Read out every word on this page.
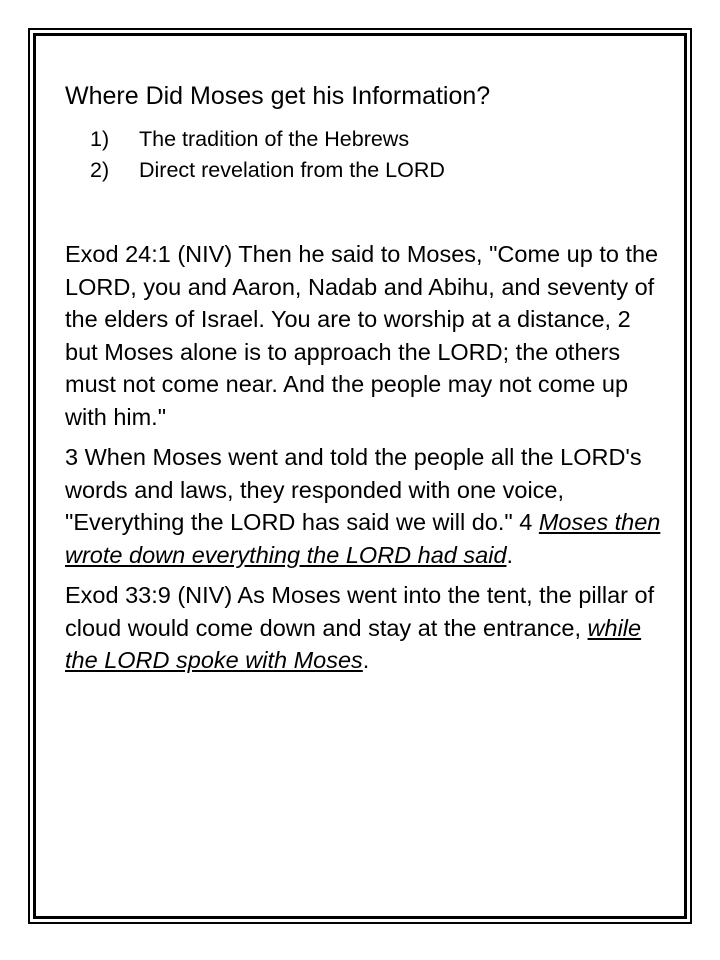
Where Did Moses get his Information?
1)	The tradition of the Hebrews
2)	Direct revelation from the LORD

Exod 24:1 (NIV) Then he said to Moses, "Come up to the LORD, you and Aaron, Nadab and Abihu, and seventy of the elders of Israel. You are to worship at a distance, 2 but Moses alone is to approach the LORD; the others must not come near. And the people may not come up with him."

3 When Moses went and told the people all the LORD's words and laws, they responded with one voice, "Everything the LORD has said we will do." 4 Moses then wrote down everything the LORD had said.

Exod 33:9 (NIV) As Moses went into the tent, the pillar of cloud would come down and stay at the entrance, while the LORD spoke with Moses.
